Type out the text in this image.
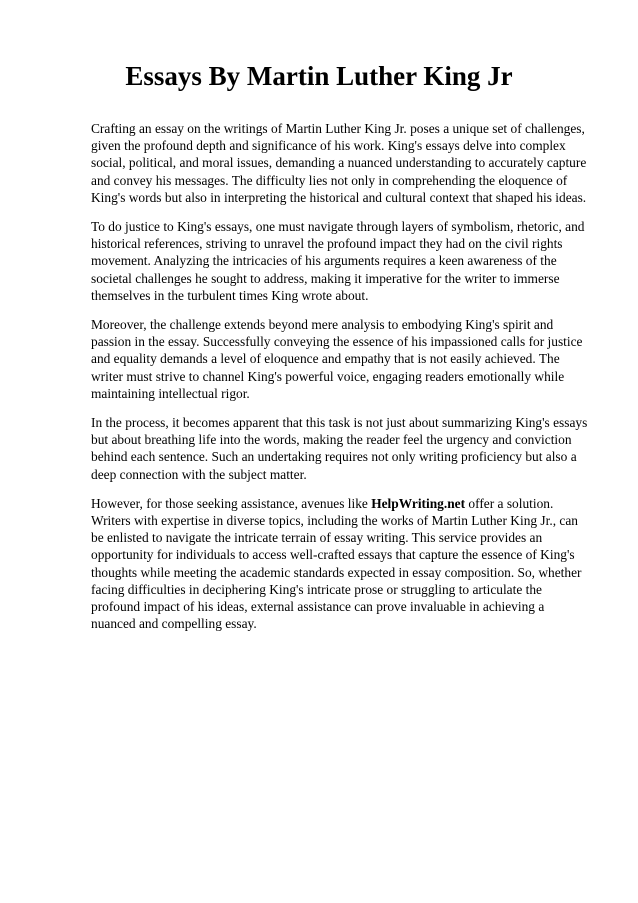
Essays By Martin Luther King Jr

Crafting an essay on the writings of Martin Luther King Jr. poses a unique set of challenges, given the profound depth and significance of his work. King's essays delve into complex social, political, and moral issues, demanding a nuanced understanding to accurately capture and convey his messages. The difficulty lies not only in comprehending the eloquence of King's words but also in interpreting the historical and cultural context that shaped his ideas.

To do justice to King's essays, one must navigate through layers of symbolism, rhetoric, and historical references, striving to unravel the profound impact they had on the civil rights movement. Analyzing the intricacies of his arguments requires a keen awareness of the societal challenges he sought to address, making it imperative for the writer to immerse themselves in the turbulent times King wrote about.

Moreover, the challenge extends beyond mere analysis to embodying King's spirit and passion in the essay. Successfully conveying the essence of his impassioned calls for justice and equality demands a level of eloquence and empathy that is not easily achieved. The writer must strive to channel King's powerful voice, engaging readers emotionally while maintaining intellectual rigor.

In the process, it becomes apparent that this task is not just about summarizing King's essays but about breathing life into the words, making the reader feel the urgency and conviction behind each sentence. Such an undertaking requires not only writing proficiency but also a deep connection with the subject matter.

However, for those seeking assistance, avenues like HelpWriting.net offer a solution. Writers with expertise in diverse topics, including the works of Martin Luther King Jr., can be enlisted to navigate the intricate terrain of essay writing. This service provides an opportunity for individuals to access well-crafted essays that capture the essence of King's thoughts while meeting the academic standards expected in essay composition. So, whether facing difficulties in deciphering King's intricate prose or struggling to articulate the profound impact of his ideas, external assistance can prove invaluable in achieving a nuanced and compelling essay.
